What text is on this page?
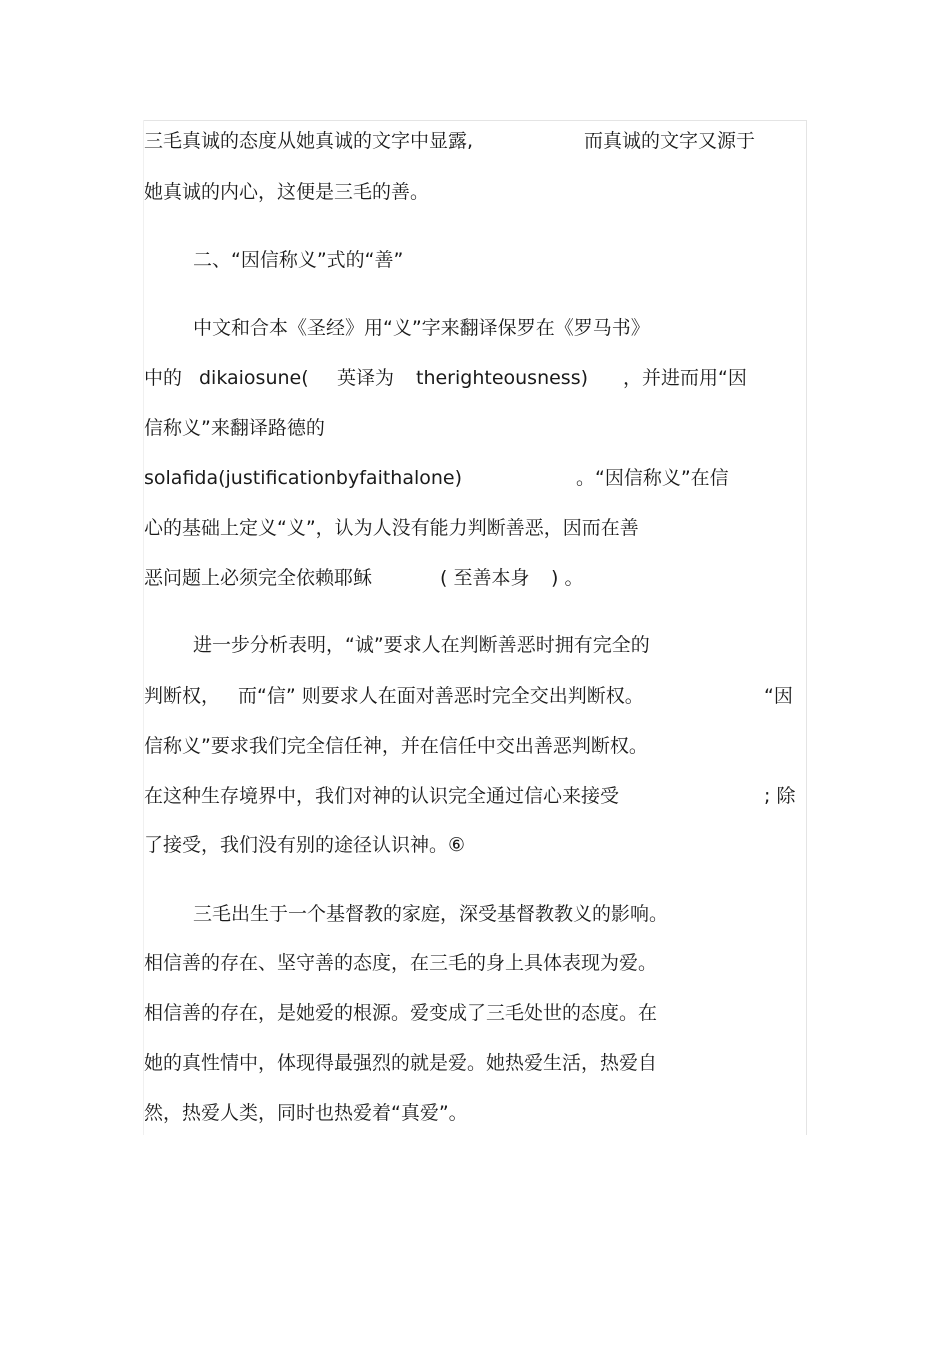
三毛真诚的态度从她真诚的文字中显露,	而真诚的文字又源于
她真诚的内心，这便是三毛的善。
二、“因信称义”式的“善”
中文和合本《圣经》用“义”字来翻译保罗在《罗马书》
中的 dikaiosune( 英译为 therighteousness) ，并进而用“因
信称义”来翻译路德的
solafida(justificationbyfaithalone)	。“因信称义”在信
心的基础上定义“义”，认为人没有能力判断善恶，因而在善
恶问题上必须完全依赖耶稣	( 至善本身 ) 。
进一步分析表明，“诚”要求人在判断善恶时拥有完全的
判断权， 而“信” 则要求人在面对善恶时完全交出判断权。	“因
信称义”要求我们完全信任神，并在信任中交出善恶判断权。
在这种生存境界中，我们对神的认识完全通过信心来接受	; 除
了接受，我们没有别的途径认识神。⑥
三毛出生于一个基督教的家庭，深受基督教教义的影响。
相信善的存在、坚守善的态度，在三毛的身上具体表现为爱。
相信善的存在，是她爱的根源。爱变成了三毛处世的态度。在
她的真性情中，体现得最强烈的就是爱。她热爱生活，热爱自
然，热爱人类，同时也热爱着“真爱”。
